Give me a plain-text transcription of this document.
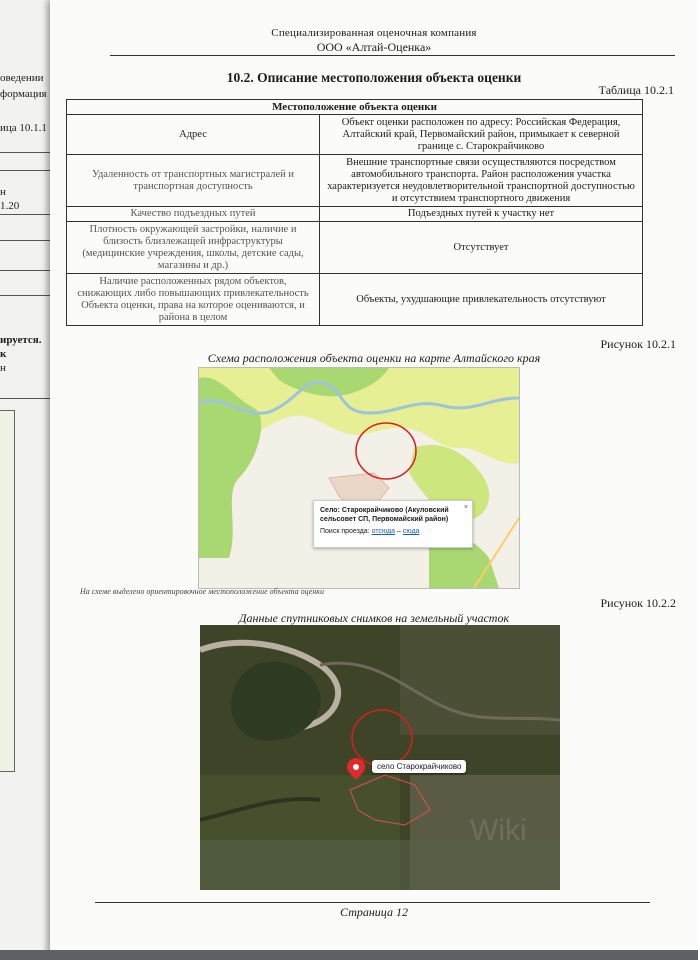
оведении
формация
ица 10.1.1
н
1.20
ируется.
к
н
Специализированная оценочная компания
ООО «Алтай-Оценка»
10.2. Описание местоположения объекта оценки
Таблица 10.2.1
Местоположение объекта оценки	
Адрес	Объект оценки расположен по адресу: Российская Федерация, Алтайский край, Первомайский район, примыкает к северной границе с. Старокрайчиково
Удаленность от транспортных магистралей и транспортная доступность	Внешние транспортные связи осуществляются посредством автомобильного транспорта. Район расположения участка характеризуется неудовлетворительной транспортной доступностью и отсутствием транспортного движения
Качество подъездных путей	Подъездных путей к участку нет
Плотность окружающей застройки, наличие и близость близлежащей инфраструктуры (медицинские учреждения, школы, детские сады, магазины и др.)	Отсутствует
Наличие расположенных рядом объектов, снижающих либо повышающих привлекательность Объекта оценки, права на которое оцениваются, и района в целом	Объекты, ухудшающие привлекательность отсутствуют
Рисунок 10.2.1
Схема расположения объекта оценки на карте Алтайского края
×
Село: Старокрайчиково (Акуловский сельсовет СП, Первомайский район)
Поиск проезда: отсюда – сюда
На схеме выделено ориентировочное местоположение объекта оценки
Рисунок 10.2.2
Данные спутниковых снимков на земельный участок
Wiki
село Старокрайчиково
Страница 12
